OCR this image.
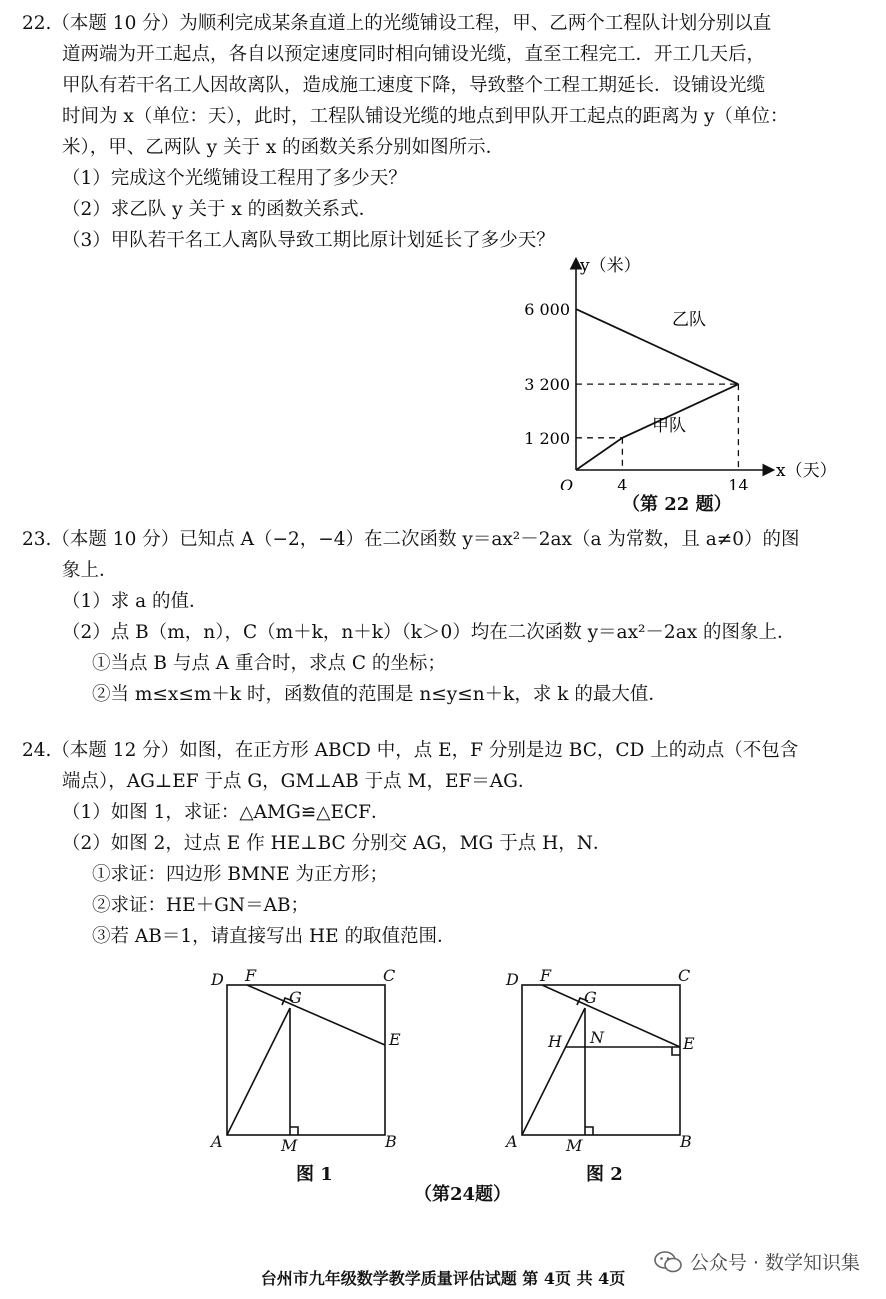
22.（本题 10 分）为顺利完成某条直道上的光缆铺设工程，甲、乙两个工程队计划分别以直
道两端为开工起点，各自以预定速度同时相向铺设光缆，直至工程完工．开工几天后，
甲队有若干名工人因故离队，造成施工速度下降，导致整个工程工期延长．设铺设光缆
时间为 x（单位：天），此时，工程队铺设光缆的地点到甲队开工起点的距离为 y（单位：
米），甲、乙两队 y 关于 x 的函数关系分别如图所示．
（1）完成这个光缆铺设工程用了多少天？
（2）求乙队 y 关于 x 的函数关系式．
（3）甲队若干名工人离队导致工期比原计划延长了多少天？
x（天）
y（米）
O
1 200
3 200
6 000
4	14
乙队
甲队
（第 22 题）
23.（本题 10 分）已知点 A（−2，−4）在二次函数 y＝ax²－2ax（a 为常数，且 a≠0）的图
象上．
（1）求 a 的值．
（2）点 B（m，n），C（m＋k，n＋k）（k＞0）均在二次函数 y＝ax²－2ax 的图象上．
①当点 B 与点 A 重合时，求点 C 的坐标；
②当 m≤x≤m＋k 时，函数值的范围是 n≤y≤n＋k，求 k 的最大值．
24.（本题 12 分）如图，在正方形 ABCD 中，点 E，F 分别是边 BC，CD 上的动点（不包含
端点），AG⊥EF 于点 G，GM⊥AB 于点 M，EF＝AG．
（1）如图 1，求证：△AMG≌△ECF．
（2）如图 2，过点 E 作 HE⊥BC 分别交 AG，MG 于点 H，N．
①求证：四边形 BMNE 为正方形；
②求证：HE＋GN＝AB；
③若 AB＝1，请直接写出 HE 的取值范围．
D F
G
C
E
A	M	B
图 1
D F
G
C
H N	E
A	M	B
图 2
（第24题）
公众号 · 数学知识集
台州市九年级数学教学质量评估试题 第 4页 共 4页
